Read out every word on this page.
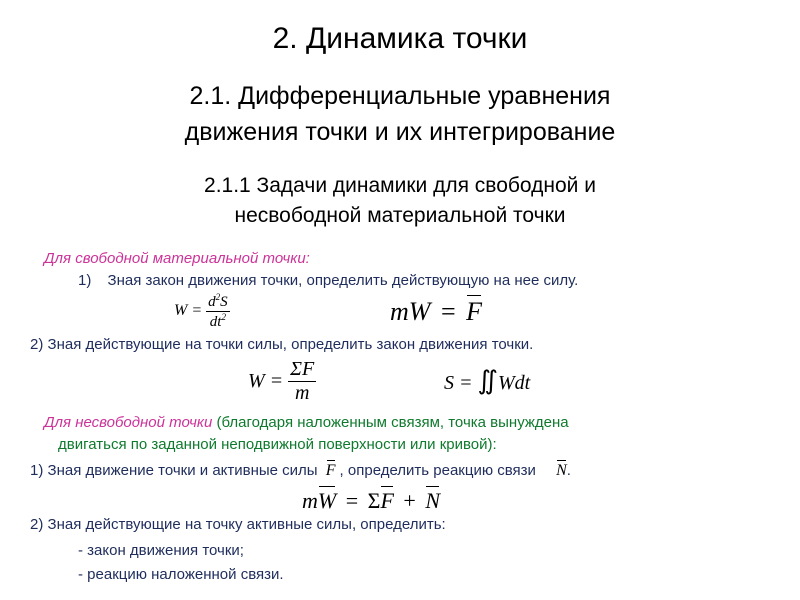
2. Динамика точки
2.1. Дифференциальные уравнения
движения точки и их интегрирование
2.1.1 Задачи динамики для свободной и
несвободной материальной точки
Для свободной материальной точки:
1) Зная закон движения точки, определить действующую на нее силу.
$W = \frac{d^2S}{dt^2}$	mW = F
2) Зная действующие на точки силы, определить закон движения точки.
$W = \frac{\Sigma F}{m}$	S = ∬Wdt
Для несвободной точки (благодаря наложенным связям, точка вынуждена
двигаться по заданной неподвижной поверхности или кривой):
1) Зная движение точки и активные силы F , определить реакцию связи N.
mW = ΣF + N
2) Зная действующие на точку активные силы, определить:
- закон движения точки;
- реакцию наложенной связи.
